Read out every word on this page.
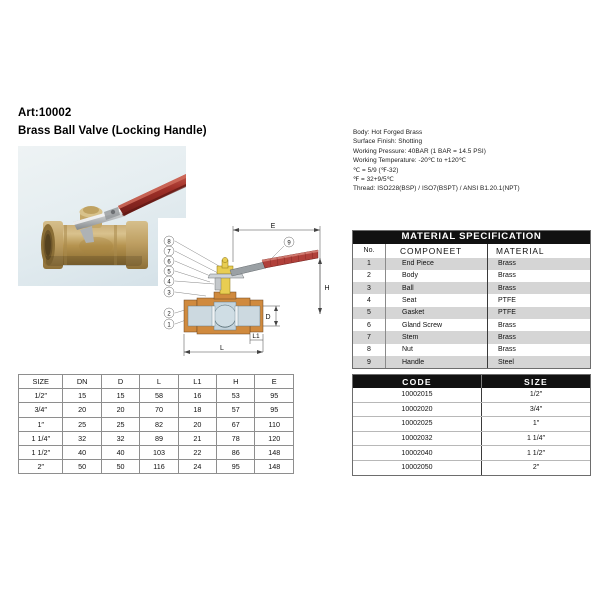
Art:10002
Brass Ball Valve (Locking Handle)	Body: Hot Forged Brass
Surface Finish: Shotting
Working Pressure: 40BAR (1 BAR = 14.5 PSI)
Working Temperature: -20℃ to +120℃
℃ = 5/9 (℉-32)
℉ = 32+9/5℃
Thread: ISO228(BSP) / ISO7(BSPT) / ANSI B1.20.1(NPT)
E
H
D
L1
L
8
7
6
5
4
3
2
1
9
SIZE	DN	D	L	L1	H	E
1/2″	15	15	58	16	53	95
3/4″	20	20	70	18	57	95
1″	25	25	82	20	67	110
1 1/4″	32	32	89	21	78	120
1 1/2″	40	40	103	22	86	148
2″	50	50	116	24	95	148
MATERIAL SPECIFICATION
No.	COMPONEET	MATERIAL
1	End Piece	Brass
2	Body	Brass
3	Ball	Brass
4	Seat	PTFE
5	Gasket	PTFE
6	Gland Screw	Brass
7	Stem	Brass
8	Nut	Brass
9	Handle	Steel
CODE	SIZE
10002015	1/2″
10002020	3/4″
10002025	1″
10002032	1 1/4″
10002040	1 1/2″
10002050	2″
